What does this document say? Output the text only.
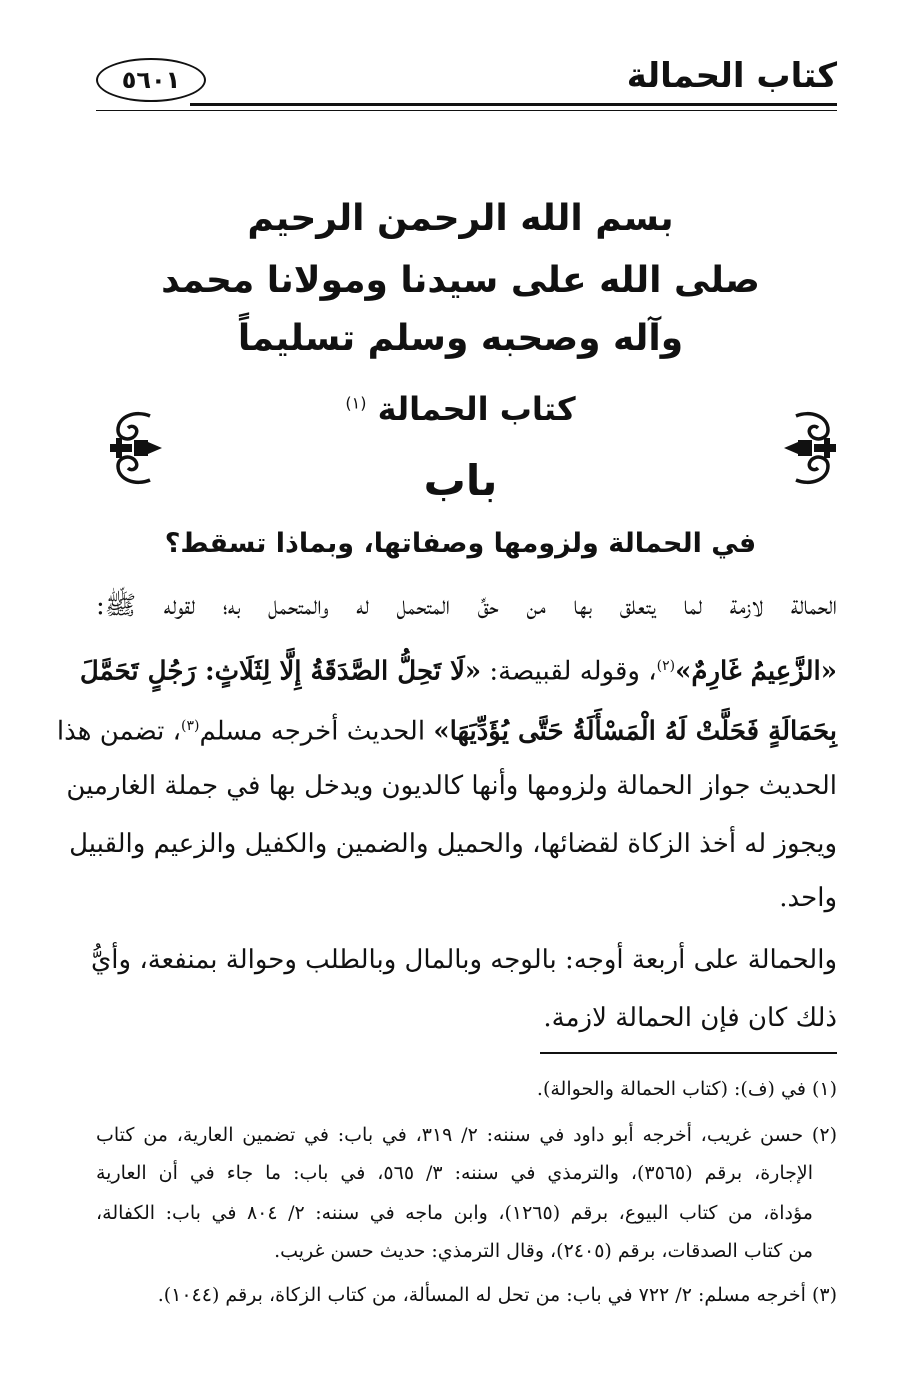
كتاب الحمالة
٥٦٠١
بسم الله الرحمن الرحيم
صلى الله على سيدنا ومولانا محمد
وآله وصحبه وسلم تسليماً
كتاب الحمالة $^{(١)}$
باب
في الحمالة ولزومها وصفاتها، وبماذا تسقط؟
الحمالة لازمة لما يتعلق بها من حقِّ المتحمل له والمتحمل به؛ لقوله ﷺ:
«الزَّعِيمُ غَارِمٌ»$^{(٢)}$، وقوله لقبيصة: «لَا تَحِلُّ الصَّدَقَةُ إِلَّا لِثَلَاثٍ: رَجُلٍ تَحَمَّلَ
بِحَمَالَةٍ فَحَلَّتْ لَهُ الْمَسْأَلَةُ حَتَّى يُؤَدِّيَهَا» الحديث أخرجه مسلم$^{(٣)}$، تضمن هذا
الحديث جواز الحمالة ولزومها وأنها كالديون ويدخل بها في جملة الغارمين
ويجوز له أخذ الزكاة لقضائها، والحميل والضمين والكفيل والزعيم والقبيل
واحد.
والحمالة على أربعة أوجه: بالوجه وبالمال وبالطلب وحوالة بمنفعة، وأيُّ
ذلك كان فإن الحمالة لازمة.
(١) في (ف): (كتاب الحمالة والحوالة).
(٢) حسن غريب، أخرجه أبو داود في سننه: ٢/ ٣١٩، في باب: في تضمين العارية، من كتاب
الإجارة، برقم (٣٥٦٥)، والترمذي في سننه: ٣/ ٥٦٥، في باب: ما جاء في أن العارية
مؤداة، من كتاب البيوع، برقم (١٢٦٥)، وابن ماجه في سننه: ٢/ ٨٠٤ في باب: الكفالة،
من كتاب الصدقات، برقم (٢٤٠٥)، وقال الترمذي: حديث حسن غريب.
(٣) أخرجه مسلم: ٢/ ٧٢٢ في باب: من تحل له المسألة، من كتاب الزكاة، برقم (١٠٤٤).
